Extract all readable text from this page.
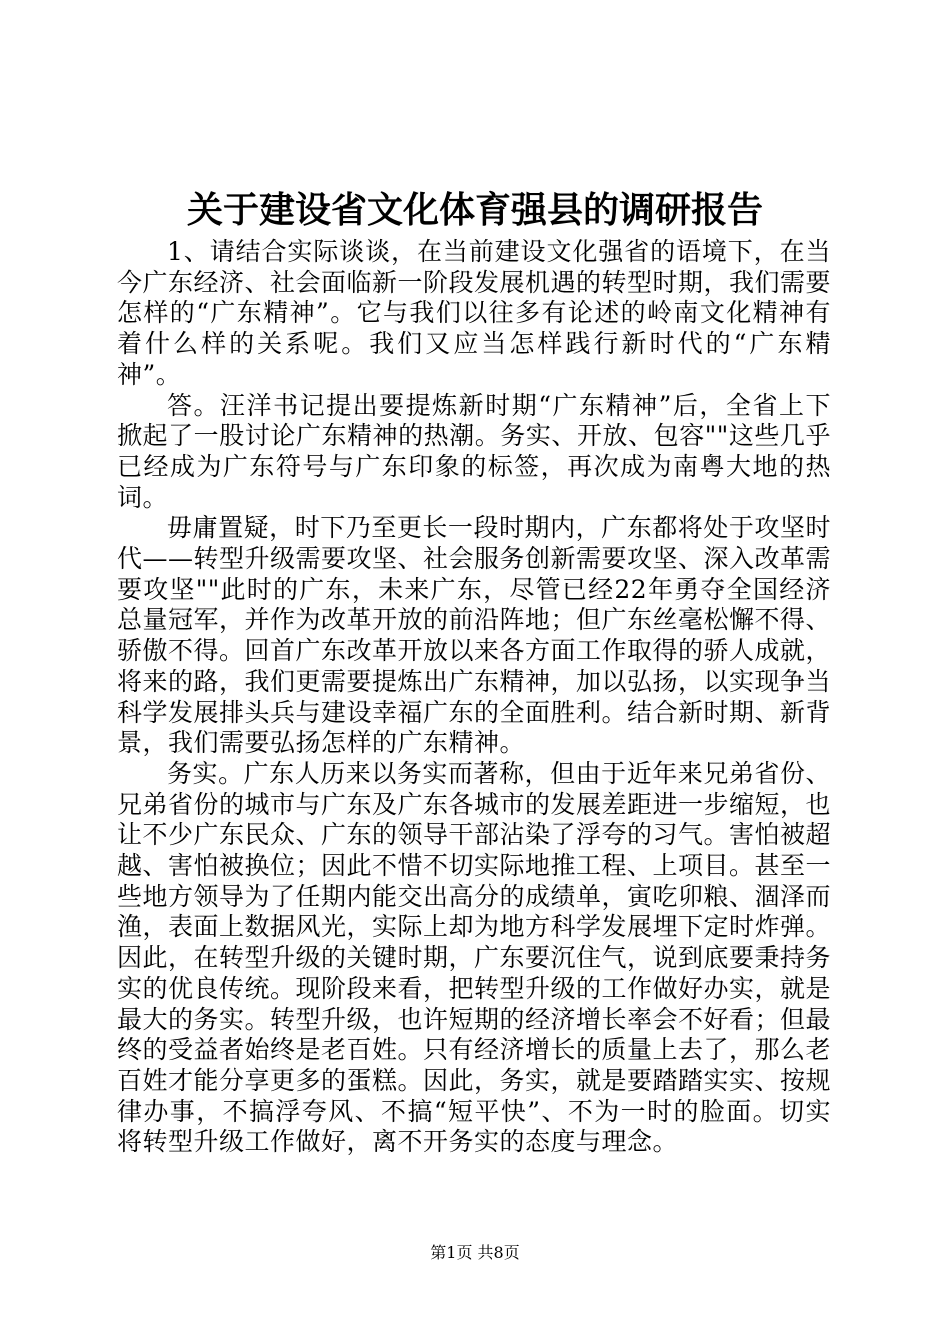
关于建设省文化体育强县的调研报告

1、请结合实际谈谈，在当前建设文化强省的语境下，在当今广东经济、社会面临新一阶段发展机遇的转型时期，我们需要怎样的“广东精神”。它与我们以往多有论述的岭南文化精神有着什么样的关系呢。我们又应当怎样践行新时代的“广东精神”。

答。汪洋书记提出要提炼新时期“广东精神”后，全省上下掀起了一股讨论广东精神的热潮。务实、开放、包容""这些几乎已经成为广东符号与广东印象的标签，再次成为南粤大地的热词。

毋庸置疑，时下乃至更长一段时期内，广东都将处于攻坚时代——转型升级需要攻坚、社会服务创新需要攻坚、深入改革需要攻坚""此时的广东，未来广东，尽管已经22年勇夺全国经济总量冠军，并作为改革开放的前沿阵地；但广东丝毫松懈不得、骄傲不得。回首广东改革开放以来各方面工作取得的骄人成就，将来的路，我们更需要提炼出广东精神，加以弘扬，以实现争当科学发展排头兵与建设幸福广东的全面胜利。结合新时期、新背景，我们需要弘扬怎样的广东精神。

务实。广东人历来以务实而著称，但由于近年来兄弟省份、兄弟省份的城市与广东及广东各城市的发展差距进一步缩短，也让不少广东民众、广东的领导干部沾染了浮夸的习气。害怕被超越、害怕被换位；因此不惜不切实际地推工程、上项目。甚至一些地方领导为了任期内能交出高分的成绩单，寅吃卯粮、涸泽而渔，表面上数据风光，实际上却为地方科学发展埋下定时炸弹。因此，在转型升级的关键时期，广东要沉住气，说到底要秉持务实的优良传统。现阶段来看，把转型升级的工作做好办实，就是最大的务实。转型升级，也许短期的经济增长率会不好看；但最终的受益者始终是老百姓。只有经济增长的质量上去了，那么老百姓才能分享更多的蛋糕。因此，务实，就是要踏踏实实、按规律办事，不搞浮夸风、不搞“短平快”、不为一时的脸面。切实将转型升级工作做好，离不开务实的态度与理念。

第1页 共8页
